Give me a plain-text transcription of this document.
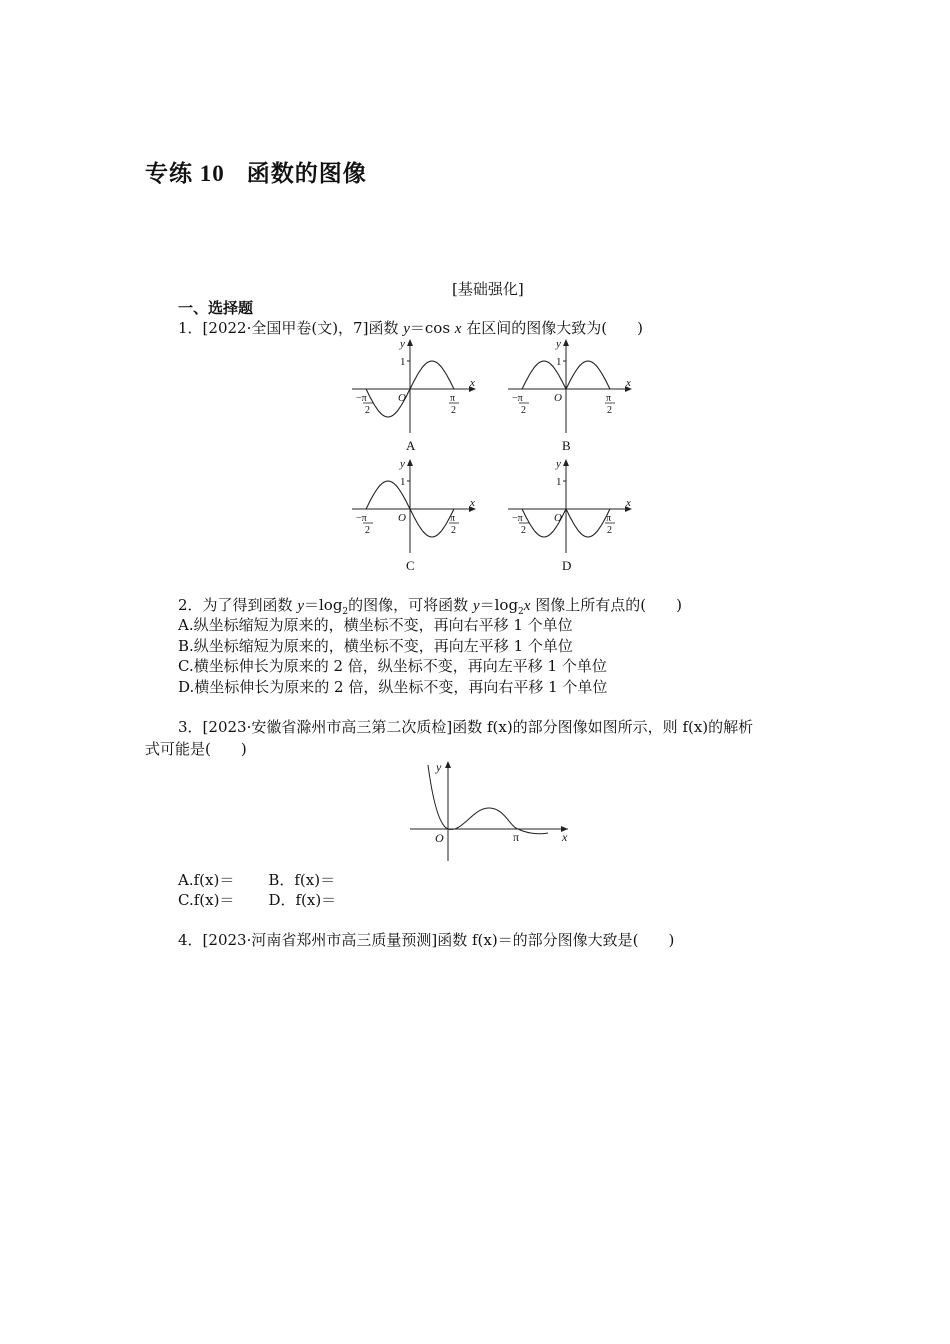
专练 10 函数的图像
[基础强化]
一、选择题
1．[2022·全国甲卷(文)，7]函数 y＝cos x 在区间的图像大致为(　　)
1
y
x
O
−π
2
π
2
A
1
y
x
O
−π
2
π
2
B
1
y
x
O
−π
2
π
2
C
1
y
x
O
−π
2
π
2
D
2．为了得到函数 $y=\log_2$的图像，可将函数 $y=\log_2x$ 图像上所有点的(　　)
A.纵坐标缩短为原来的，横坐标不变，再向右平移 1 个单位
B.纵坐标缩短为原来的，横坐标不变，再向左平移 1 个单位
C.横坐标伸长为原来的 2 倍，纵坐标不变，再向左平移 1 个单位
D.横坐标伸长为原来的 2 倍，纵坐标不变，再向右平移 1 个单位
3．[2023·安徽省滁州市高三第二次质检]函数 f(x)的部分图像如图所示，则 f(x)的解析
式可能是(　　)
y
x
O	π
A.f(x)＝ B．f(x)＝
C.f(x)＝ D．f(x)＝
4．[2023·河南省郑州市高三质量预测]函数 f(x)＝的部分图像大致是(　　)
